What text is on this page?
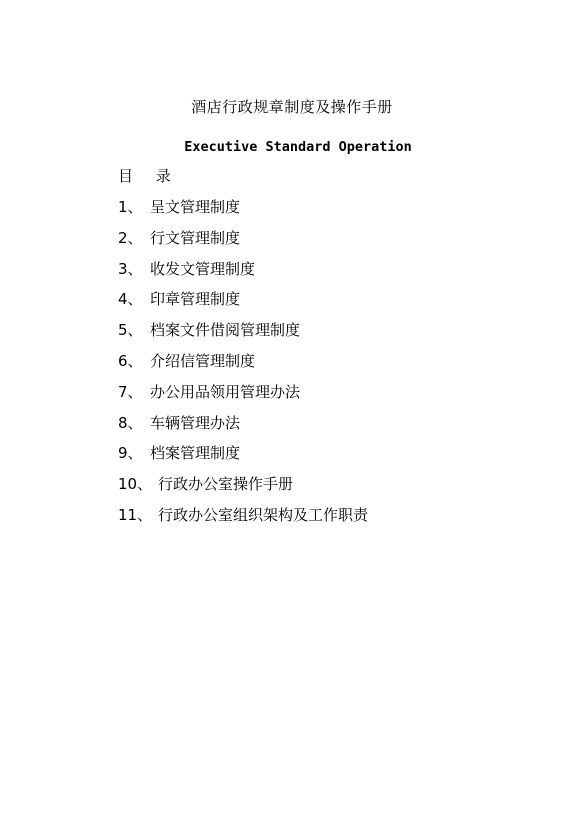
酒店行政规章制度及操作手册
Executive Standard Operation
目 录
1、 呈文管理制度
2、 行文管理制度
3、 收发文管理制度
4、 印章管理制度
5、 档案文件借阅管理制度
6、 介绍信管理制度
7、 办公用品领用管理办法
8、 车辆管理办法
9、 档案管理制度
10、 行政办公室操作手册
11、 行政办公室组织架构及工作职责
